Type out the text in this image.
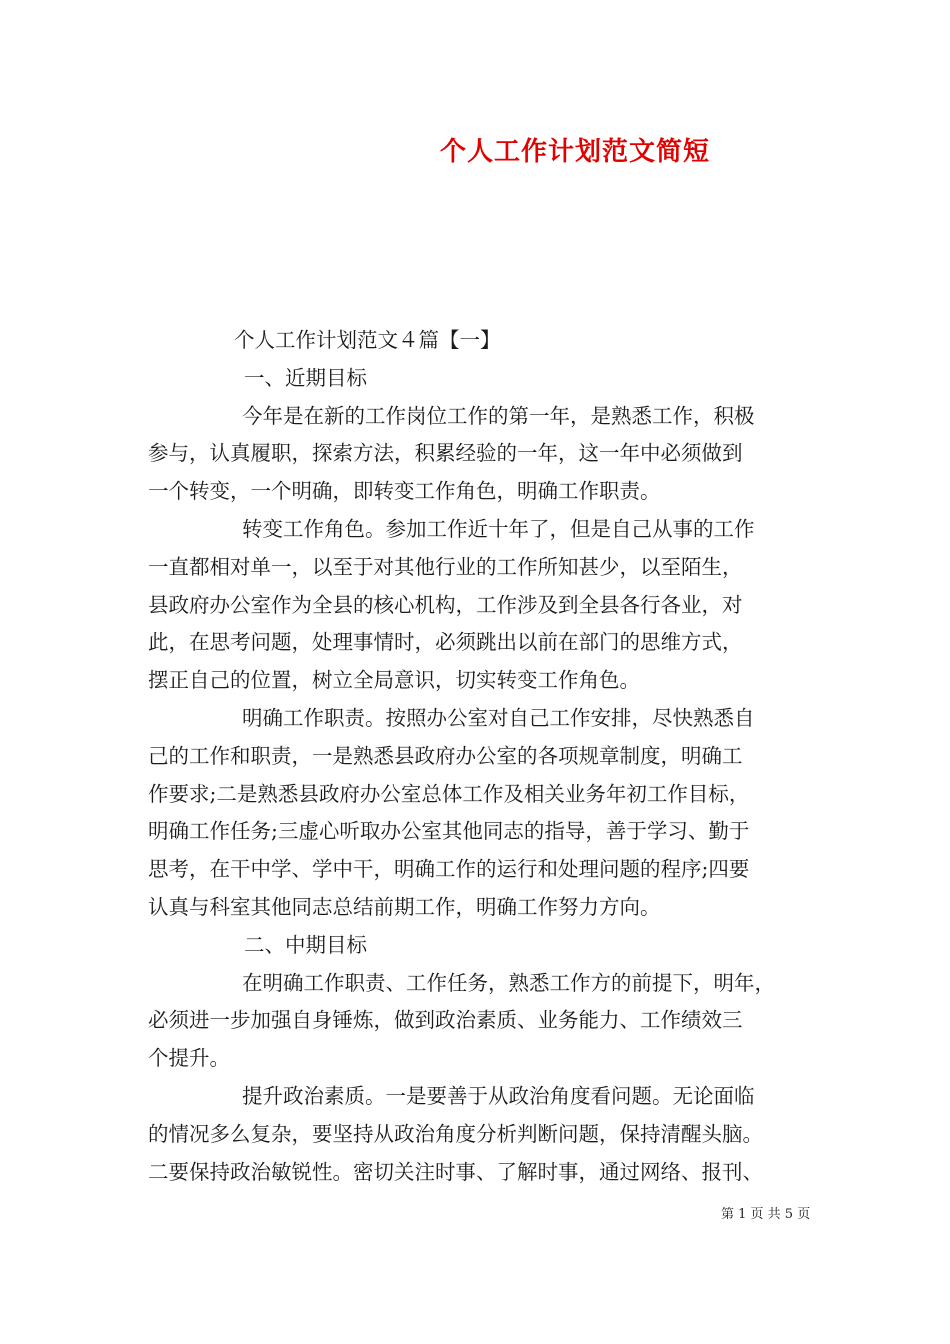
个人工作计划范文简短
个人工作计划范文４篇【一】
一、近期目标
今年是在新的工作岗位工作的第一年，是熟悉工作，积极
参与，认真履职，探索方法，积累经验的一年，这一年中必须做到
一个转变，一个明确，即转变工作角色，明确工作职责。
转变工作角色。参加工作近十年了，但是自己从事的工作
一直都相对单一，以至于对其他行业的工作所知甚少，以至陌生，
县政府办公室作为全县的核心机构，工作涉及到全县各行各业，对
此，在思考问题，处理事情时，必须跳出以前在部门的思维方式，
摆正自己的位置，树立全局意识，切实转变工作角色。
明确工作职责。按照办公室对自己工作安排，尽快熟悉自
己的工作和职责，一是熟悉县政府办公室的各项规章制度，明确工
作要求;二是熟悉县政府办公室总体工作及相关业务年初工作目标，
明确工作任务;三虚心听取办公室其他同志的指导，善于学习、勤于
思考，在干中学、学中干，明确工作的运行和处理问题的程序;四要
认真与科室其他同志总结前期工作，明确工作努力方向。
二、中期目标
在明确工作职责、工作任务，熟悉工作方的前提下，明年，
必须进一步加强自身锤炼，做到政治素质、业务能力、工作绩效三
个提升。
提升政治素质。一是要善于从政治角度看问题。无论面临
的情况多么复杂，要坚持从政治角度分析判断问题，保持清醒头脑。
二要保持政治敏锐性。密切关注时事、了解时事，通过网络、报刊、
第 1 页 共 5 页
